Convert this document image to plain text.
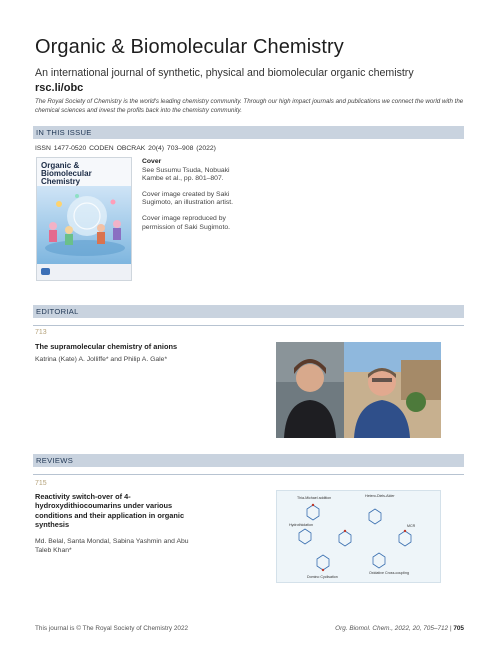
Organic & Biomolecular Chemistry
An international journal of synthetic, physical and biomolecular organic chemistry
rsc.li/obc
The Royal Society of Chemistry is the world's leading chemistry community. Through our high impact journals and publications we connect the world with the chemical sciences and invest the profits back into the chemistry community.
IN THIS ISSUE
ISSN 1477-0520 CODEN OBCRAK 20(4) 703–908 (2022)
Organic &
Biomolecular
Chemistry

Cover
See Susumu Tsuda, Nobuaki Kambe et al., pp. 801–807.

Cover image created by Saki Sugimoto, an illustration artist.

Cover image reproduced by permission of Saki Sugimoto.

EDITORIAL
713
The supramolecular chemistry of anions
Katrina (Kate) A. Jolliffe* and Philip A. Gale*
REVIEWS
715
Reactivity switch-over of 4-hydroxydithiocoumarins under various conditions and their application in organic synthesis
Md. Belal, Santa Mondal, Sabina Yashmin and Abu Taleb Khan*
Thia-Michael addition	Hetero-Diels-Alder
Hydrothiolation	MCR
Domino Cyclisation
Oxidative Cross-coupling
This journal is © The Royal Society of Chemistry 2022	Org. Biomol. Chem., 2022, 20, 705–712 | 705
